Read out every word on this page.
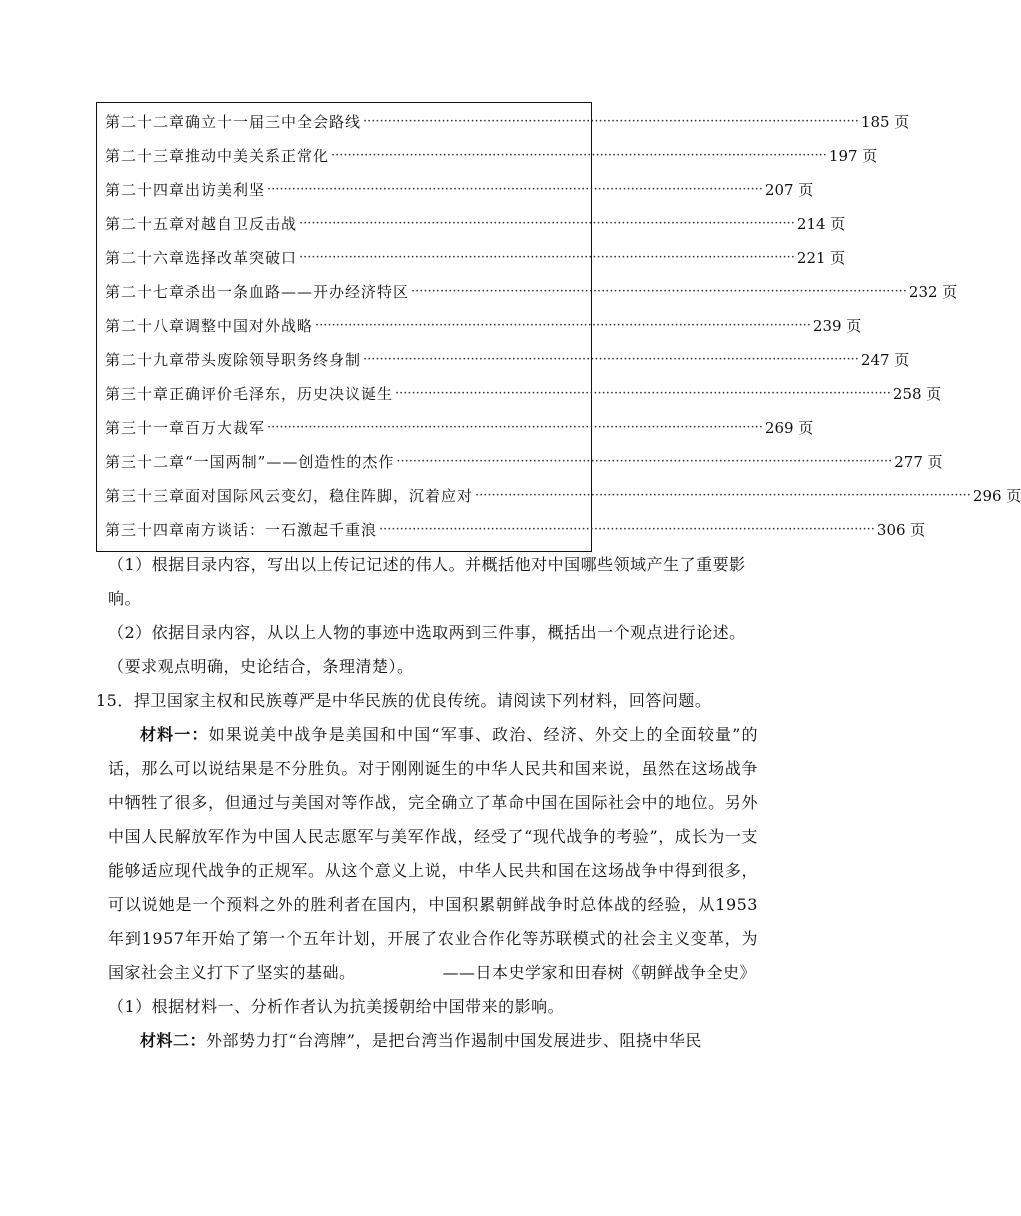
第二十二章确立十一届三中全会路线 ························································································································ 185 页
第二十三章推动中美关系正常化 ························································································································ 197 页
第二十四章出访美利坚 ························································································································ 207 页
第二十五章对越自卫反击战 ························································································································ 214 页
第二十六章选择改革突破口 ························································································································ 221 页
第二十七章杀出一条血路——开办经济特区 ························································································································ 232 页
第二十八章调整中国对外战略 ························································································································ 239 页
第二十九章带头废除领导职务终身制 ························································································································ 247 页
第三十章正确评价毛泽东，历史决议诞生 ························································································································ 258 页
第三十一章百万大裁军 ························································································································ 269 页
第三十二章“一国两制”——创造性的杰作 ························································································································ 277 页
第三十三章面对国际风云变幻，稳住阵脚，沉着应对 ························································································································ 296 页
第三十四章南方谈话：一石激起千重浪 ························································································································ 306 页

（1）根据目录内容，写出以上传记记述的伟人。并概括他对中国哪些领域产生了重要影响。

（2）依据目录内容，从以上人物的事迹中选取两到三件事，概括出一个观点进行论述。（要求观点明确，史论结合，条理清楚）。

15．捍卫国家主权和民族尊严是中华民族的优良传统。请阅读下列材料，回答问题。

材料一：如果说美中战争是美国和中国“军事、政治、经济、外交上的全面较量”的话，那么可以说结果是不分胜负。对于刚刚诞生的中华人民共和国来说，虽然在这场战争中牺牲了很多，但通过与美国对等作战，完全确立了革命中国在国际社会中的地位。另外中国人民解放军作为中国人民志愿军与美军作战，经受了“现代战争的考验”，成长为一支能够适应现代战争的正规军。从这个意义上说，中华人民共和国在这场战争中得到很多，可以说她是一个预料之外的胜利者在国内，中国积累朝鲜战争时总体战的经验，从1953年到1957年开始了第一个五年计划，开展了农业合作化等苏联模式的社会主义变革，为国家社会主义打下了坚实的基础。	——日本史学家和田春树《朝鲜战争全史》

（1）根据材料一、分析作者认为抗美援朝给中国带来的影响。

材料二：外部势力打“台湾牌”，是把台湾当作遏制中国发展进步、阻挠中华民
